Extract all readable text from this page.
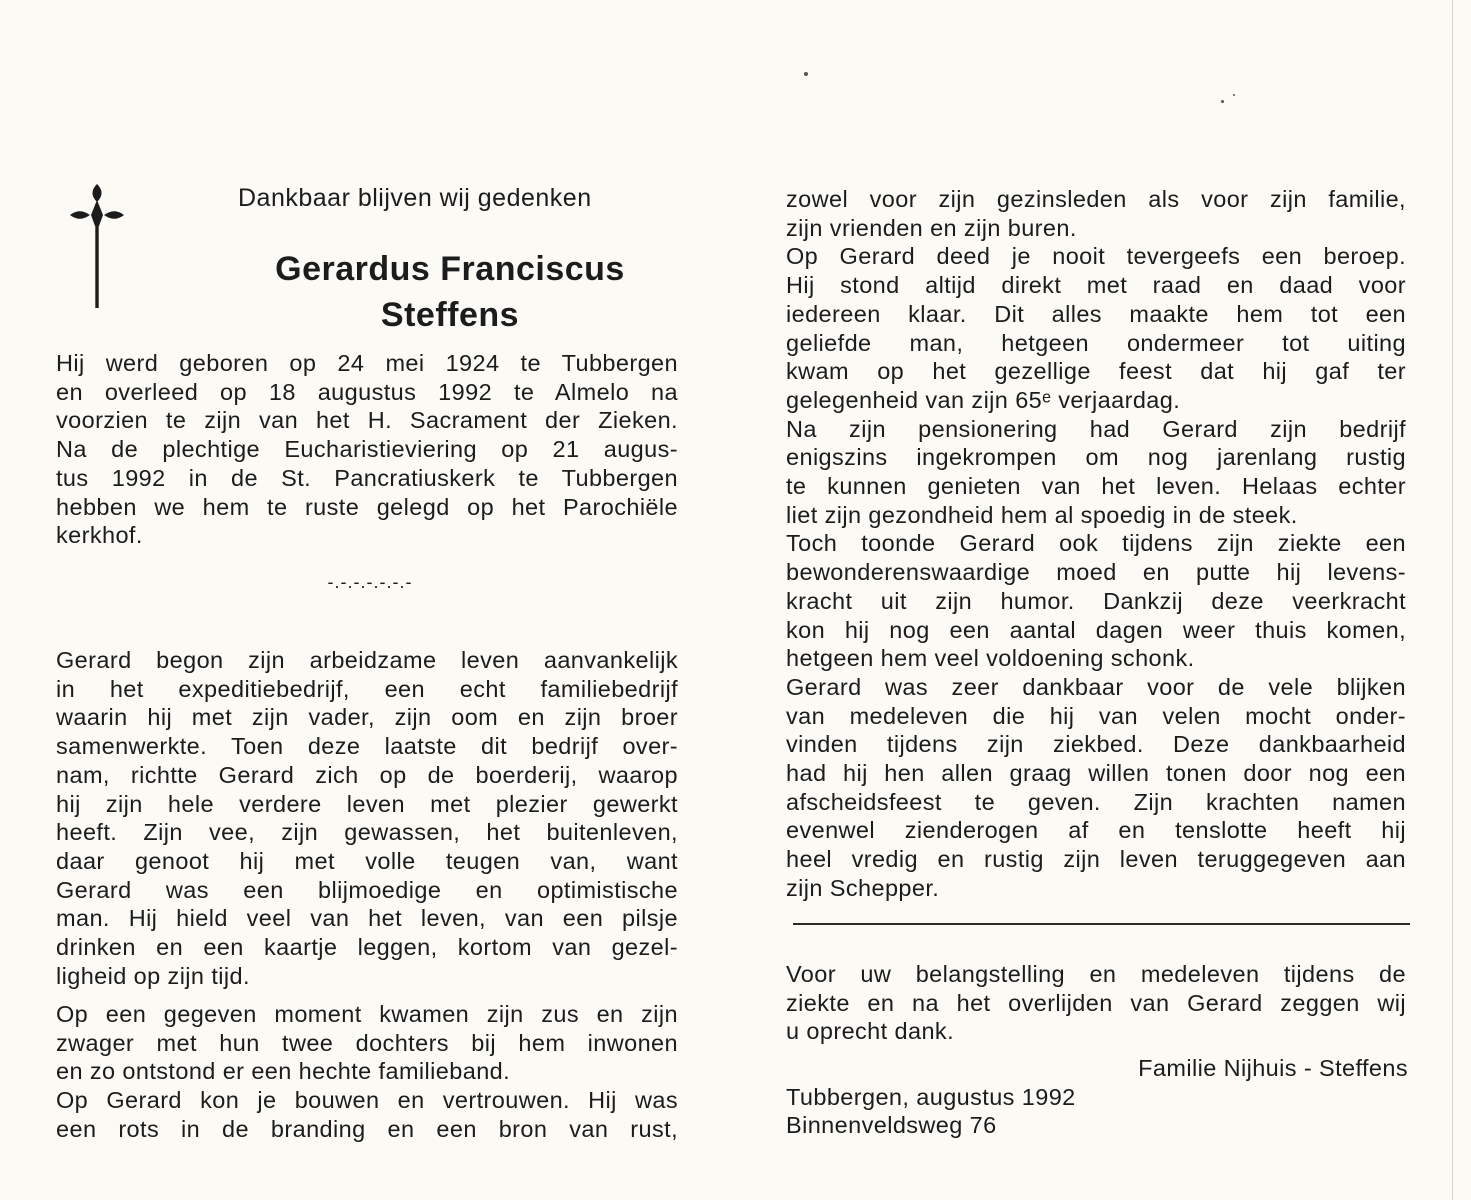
Dankbaar blijven wij gedenken
Gerardus Franciscus
Steffens
Hij werd geboren op 24 mei 1924 te Tubbergen
en overleed op 18 augustus 1992 te Almelo na
voorzien te zijn van het H. Sacrament der Zieken.
Na de plechtige Eucharistieviering op 21 augus-
tus 1992 in de St. Pancratiuskerk te Tubbergen
hebben we hem te ruste gelegd op het Parochiële
kerkhof.
-.-.-.-.-.-.-
Gerard begon zijn arbeidzame leven aanvankelijk
in het expeditiebedrijf, een echt familiebedrijf
waarin hij met zijn vader, zijn oom en zijn broer
samenwerkte. Toen deze laatste dit bedrijf over-
nam, richtte Gerard zich op de boerderij, waarop
hij zijn hele verdere leven met plezier gewerkt
heeft. Zijn vee, zijn gewassen, het buitenleven,
daar genoot hij met volle teugen van, want
Gerard was een blijmoedige en optimistische
man. Hij hield veel van het leven, van een pilsje
drinken en een kaartje leggen, kortom van gezel-
ligheid op zijn tijd.
Op een gegeven moment kwamen zijn zus en zijn
zwager met hun twee dochters bij hem inwonen
en zo ontstond er een hechte familieband.
Op Gerard kon je bouwen en vertrouwen. Hij was
een rots in de branding en een bron van rust,
zowel voor zijn gezinsleden als voor zijn familie,
zijn vrienden en zijn buren.
Op Gerard deed je nooit tevergeefs een beroep.
Hij stond altijd direkt met raad en daad voor
iedereen klaar. Dit alles maakte hem tot een
geliefde man, hetgeen ondermeer tot uiting
kwam op het gezellige feest dat hij gaf ter
gelegenheid van zijn 65ᵉ verjaardag.
Na zijn pensionering had Gerard zijn bedrijf
enigszins ingekrompen om nog jarenlang rustig
te kunnen genieten van het leven. Helaas echter
liet zijn gezondheid hem al spoedig in de steek.
Toch toonde Gerard ook tijdens zijn ziekte een
bewonderenswaardige moed en putte hij levens-
kracht uit zijn humor. Dankzij deze veerkracht
kon hij nog een aantal dagen weer thuis komen,
hetgeen hem veel voldoening schonk.
Gerard was zeer dankbaar voor de vele blijken
van medeleven die hij van velen mocht onder-
vinden tijdens zijn ziekbed. Deze dankbaarheid
had hij hen allen graag willen tonen door nog een
afscheidsfeest te geven. Zijn krachten namen
evenwel zienderogen af en tenslotte heeft hij
heel vredig en rustig zijn leven teruggegeven aan
zijn Schepper.
Voor uw belangstelling en medeleven tijdens de
ziekte en na het overlijden van Gerard zeggen wij
u oprecht dank.
Familie Nijhuis - Steffens
Tubbergen, augustus 1992
Binnenveldsweg 76
